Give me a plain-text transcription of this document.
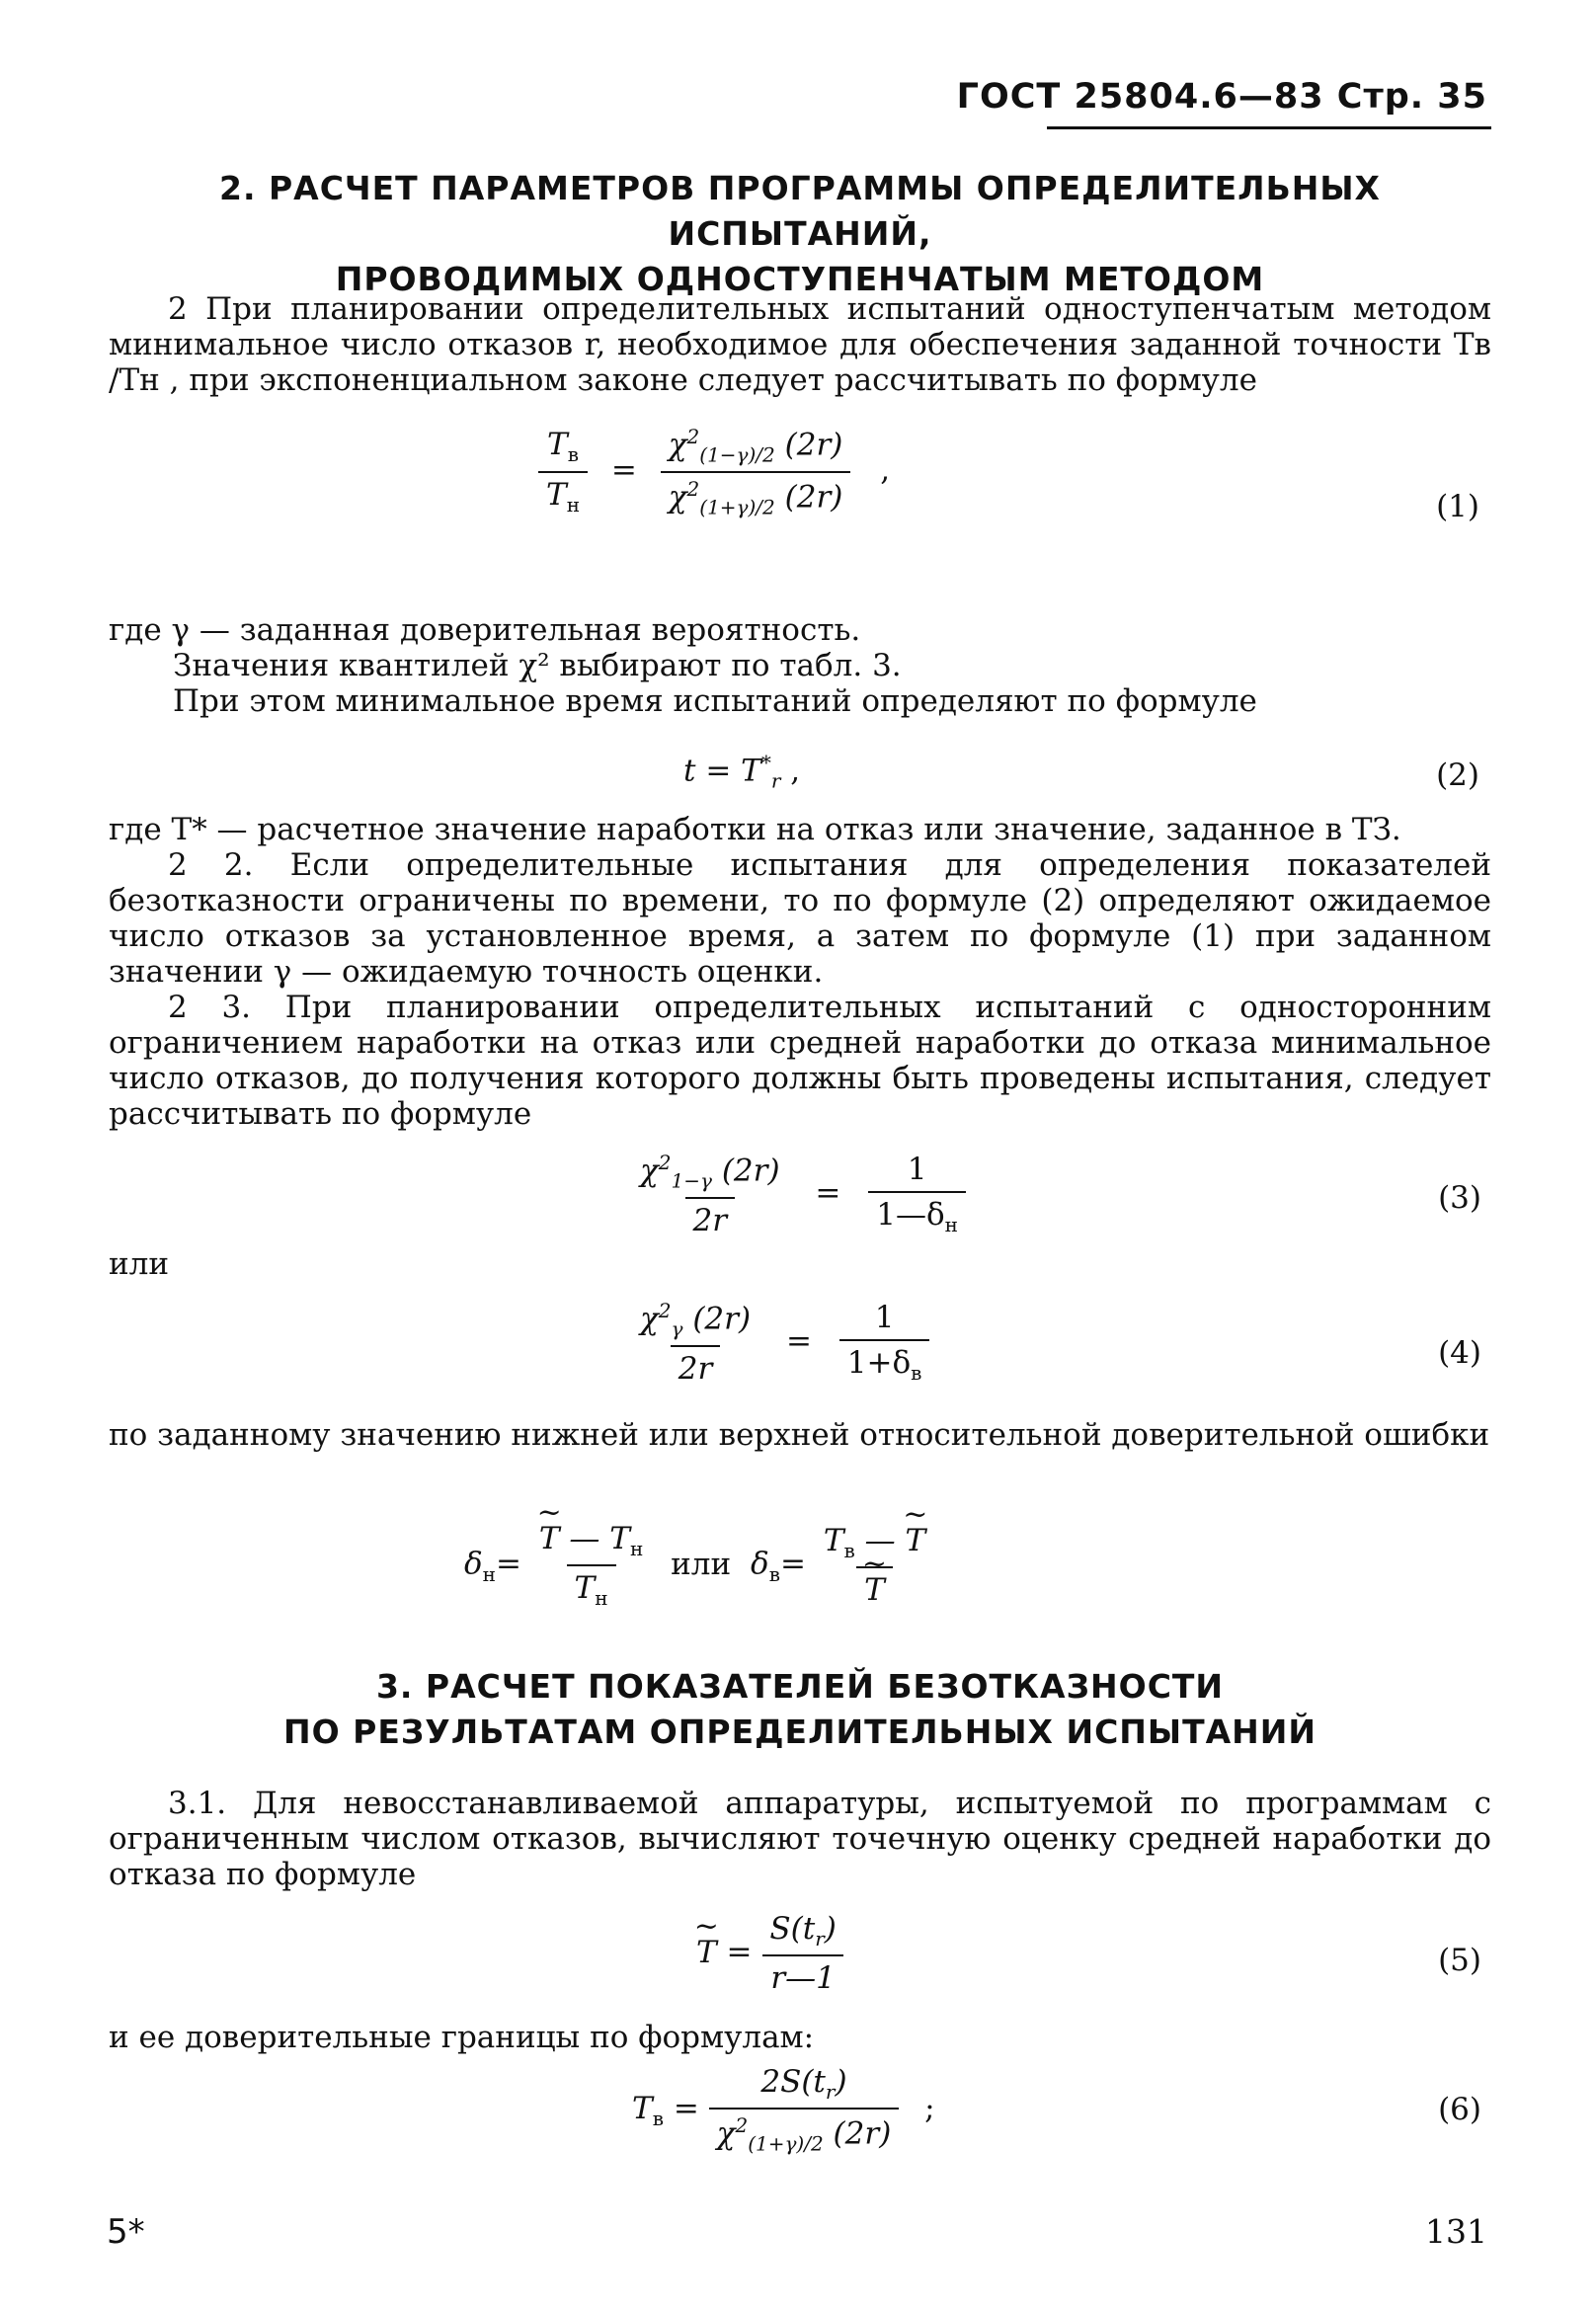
ГОСТ 25804.6—83 Стр. 35
2. РАСЧЕТ ПАРАМЕТРОВ ПРОГРАММЫ ОПРЕДЕЛИТЕЛЬНЫХ ИСПЫТАНИЙ,
ПРОВОДИМЫХ ОДНОСТУПЕНЧАТЫМ МЕТОДОМ

2 При планировании определительных испытаний одноступенчатым методом минимальное число отказов r, необходимое для обеспечения заданной точности Tв /Tн , при экспоненциальном законе следует рассчитывать по формуле

$\frac{T_в}{T_н} = \frac{\chi^2_{(1-\gamma)/2} (2r)}{\chi^2_{(1+\gamma)/2} (2r)}$ ,
(1)

где γ — заданная доверительная вероятность.

Значения квантилей χ² выбирают по табл. 3.

При этом минимальное время испытаний определяют по формуле

$t = T^*_r$ ,	(2)

где T* — расчетное значение наработки на отказ или значение, заданное в ТЗ.

2 2. Если определительные испытания для определения показателей безотказности ограничены по времени, то по формуле (2) определяют ожидаемое число отказов за установленное время, а затем по формуле (1) при заданном значении γ — ожидаемую точность оценки.

2 3. При планировании определительных испытаний с односторонним ограничением наработки на отказ или средней наработки до отказа минимальное число отказов, до получения которого должны быть проведены испытания, следует рассчитывать по формуле

$\frac{\chi^2_{1-\gamma} (2r)}{2r} = \frac{1}{1—\delta_н}$	(3)
или
$\frac{\chi^2_\gamma (2r)}{2r} = \frac{1}{1+\delta_в}$	(4)

по заданному значению нижней или верхней относительной доверительной ошибки

$\delta_н=$
~ $\frac{T — T_н}{T_н}$ или $\delta_в= T_в$ — ~ T
~ T
3. РАСЧЕТ ПОКАЗАТЕЛЕЙ БЕЗОТКАЗНОСТИ
ПО РЕЗУЛЬТАТАМ ОПРЕДЕЛИТЕЛЬНЫХ ИСПЫТАНИЙ

3.1. Для невосстанавливаемой аппаратуры, испытуемой по программам с ограниченным числом отказов, вычисляют точечную оценку средней наработки до отказа по формуле

~ $T = \frac{S(t_r)}{r—1}$	(5)

и ее доверительные границы по формулам:

$T_в = \frac{2S(t_r)}{\chi^2_{(1+\gamma)/2} (2r)}$ ;	(6)
5*	131
